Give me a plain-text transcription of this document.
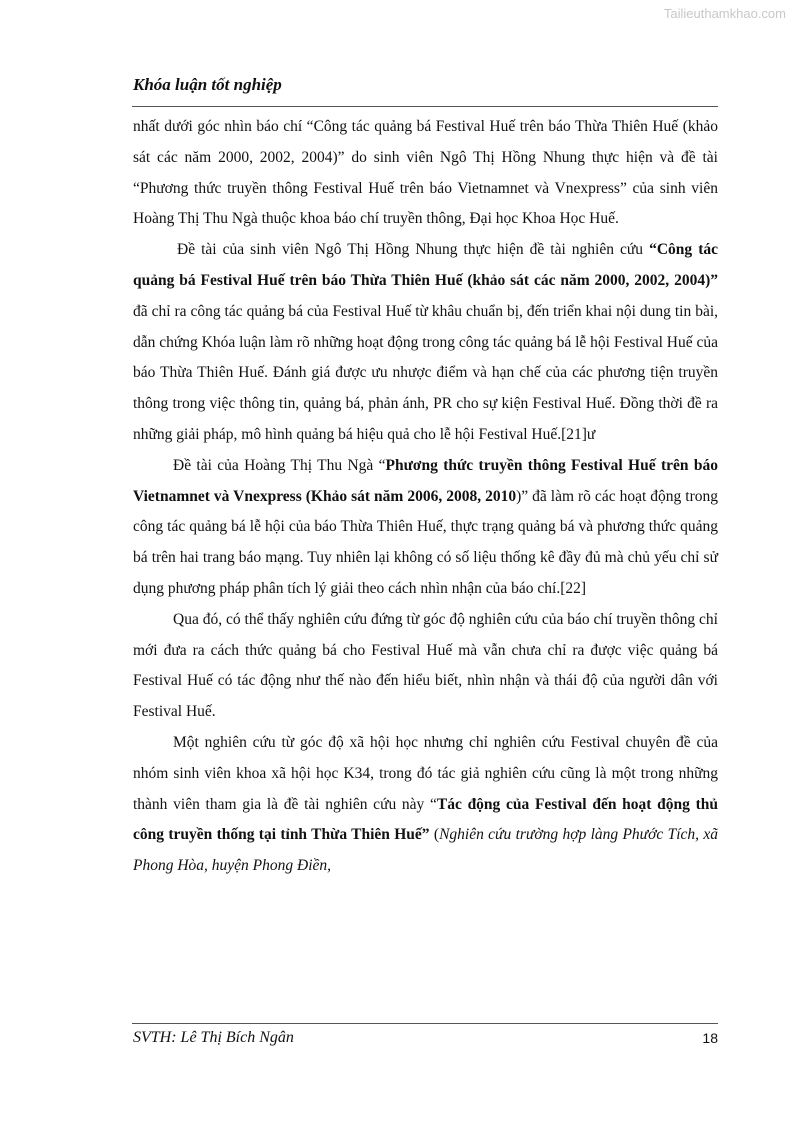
Tailieuthamkhao.com
Khóa luận tốt nghiệp

nhất dưới góc nhìn báo chí “Công tác quảng bá Festival Huế trên báo Thừa Thiên Huế (khảo sát các năm 2000, 2002, 2004)” do sinh viên Ngô Thị Hồng Nhung thực hiện và đề tài “Phương thức truyền thông Festival Huế trên báo Vietnamnet và Vnexpress” của sinh viên Hoàng Thị Thu Ngà thuộc khoa báo chí truyền thông, Đại học Khoa Học Huế.

Đề tài của sinh viên Ngô Thị Hồng Nhung thực hiện đề tài nghiên cứu “Công tác quảng bá Festival Huế trên báo Thừa Thiên Huế (khảo sát các năm 2000, 2002, 2004)” đã chỉ ra công tác quảng bá của Festival Huế từ khâu chuẩn bị, đến triển khai nội dung tin bài, dẫn chứng Khóa luận làm rõ những hoạt động trong công tác quảng bá lễ hội Festival Huế của báo Thừa Thiên Huế. Đánh giá được ưu nhược điểm và hạn chế của các phương tiện truyền thông trong việc thông tin, quảng bá, phản ánh, PR cho sự kiện Festival Huế. Đồng thời đề ra những giải pháp, mô hình quảng bá hiệu quả cho lễ hội Festival Huế.[21]ư

Đề tài của Hoàng Thị Thu Ngà “Phương thức truyền thông Festival Huế trên báo Vietnamnet và Vnexpress (Khảo sát năm 2006, 2008, 2010)” đã làm rõ các hoạt động trong công tác quảng bá lễ hội của báo Thừa Thiên Huế, thực trạng quảng bá và phương thức quảng bá trên hai trang báo mạng. Tuy nhiên lại không có số liệu thống kê đầy đủ mà chủ yếu chỉ sử dụng phương pháp phân tích lý giải theo cách nhìn nhận của báo chí.[22]

Qua đó, có thể thấy nghiên cứu đứng từ góc độ nghiên cứu của báo chí truyền thông chỉ mới đưa ra cách thức quảng bá cho Festival Huế mà vẫn chưa chỉ ra được việc quảng bá Festival Huế có tác động như thế nào đến hiểu biết, nhìn nhận và thái độ của người dân với Festival Huế.

Một nghiên cứu từ góc độ xã hội học nhưng chỉ nghiên cứu Festival chuyên đề của nhóm sinh viên khoa xã hội học K34, trong đó tác giả nghiên cứu cũng là một trong những thành viên tham gia là đề tài nghiên cứu này “Tác động của Festival đến hoạt động thủ công truyền thống tại tỉnh Thừa Thiên Huế” (Nghiên cứu trường hợp làng Phước Tích, xã Phong Hòa, huyện Phong Điền,

SVTH: Lê Thị Bích Ngân	18
